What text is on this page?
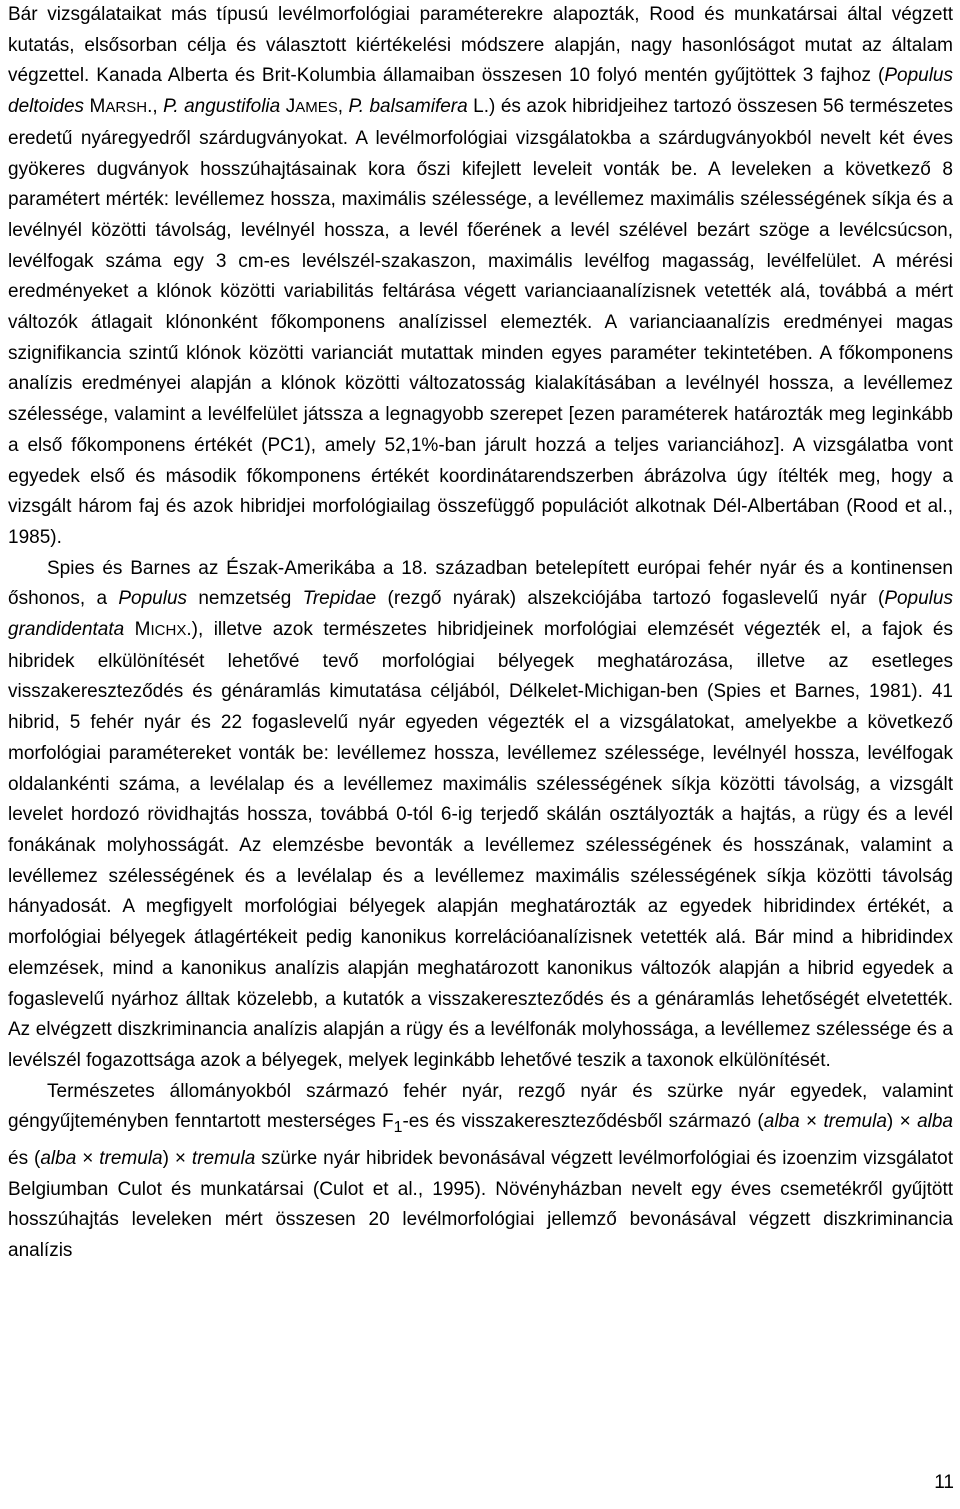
Bár vizsgálataikat más típusú levélmorfológiai paraméterekre alapozták, Rood és munkatársai által végzett kutatás, elsősorban célja és választott kiértékelési módszere alapján, nagy hasonlóságot mutat az általam végzettel. Kanada Alberta és Brit-Kolumbia államaiban összesen 10 folyó mentén gyűjtöttek 3 fajhoz (Populus deltoides MARSH., P. angustifolia JAMES, P. balsamifera L.) és azok hibridjeihez tartozó összesen 56 természetes eredetű nyáregyedről szárdugványokat. A levélmorfológiai vizsgálatokba a szárdugványokból nevelt két éves gyökeres dugványok hosszúhajtásainak kora őszi kifejlett leveleit vonták be. A leveleken a következő 8 paramétert mérték: levéllemez hossza, maximális szélessége, a levéllemez maximális szélességének síkja és a levélnyél közötti távolság, levélnyél hossza, a levél főerének a levél szélével bezárt szöge a levélcsúcson, levélfogak száma egy 3 cm-es levélszél-szakaszon, maximális levélfog magasság, levélfelület. A mérési eredményeket a klónok közötti variabilitás feltárása végett varianciaanalízisnek vetették alá, továbbá a mért változók átlagait klónonként főkomponens analízissel elemezték. A varianciaanalízis eredményei magas szignifikancia szintű klónok közötti varianciát mutattak minden egyes paraméter tekintetében. A főkomponens analízis eredményei alapján a klónok közötti változatosság kialakításában a levélnyél hossza, a levéllemez szélessége, valamint a levélfelület játssza a legnagyobb szerepet [ezen paraméterek határozták meg leginkább a első főkomponens értékét (PC1), amely 52,1%-ban járult hozzá a teljes varianciához]. A vizsgálatba vont egyedek első és második főkomponens értékét koordinátarendszerben ábrázolva úgy ítélték meg, hogy a vizsgált három faj és azok hibridjei morfológiailag összefüggő populációt alkotnak Dél-Albertában (Rood et al., 1985).

Spies és Barnes az Észak-Amerikába a 18. században betelepített európai fehér nyár és a kontinensen őshonos, a Populus nemzetség Trepidae (rezgő nyárak) alszekciójába tartozó fogaslevelű nyár (Populus grandidentata MICHX.), illetve azok természetes hibridjeinek morfológiai elemzését végezték el, a fajok és hibridek elkülönítését lehetővé tevő morfológiai bélyegek meghatározása, illetve az esetleges visszakereszteződés és génáramlás kimutatása céljából, Délkelet-Michigan-ben (Spies et Barnes, 1981). 41 hibrid, 5 fehér nyár és 22 fogaslevelű nyár egyeden végezték el a vizsgálatokat, amelyekbe a következő morfológiai paramétereket vonták be: levéllemez hossza, levéllemez szélessége, levélnyél hossza, levélfogak oldalankénti száma, a levélalap és a levéllemez maximális szélességének síkja közötti távolság, a vizsgált levelet hordozó rövidhajtás hossza, továbbá 0-tól 6-ig terjedő skálán osztályozták a hajtás, a rügy és a levél fonákának molyhosságát. Az elemzésbe bevonták a levéllemez szélességének és hosszának, valamint a levéllemez szélességének és a levélalap és a levéllemez maximális szélességének síkja közötti távolság hányadosát. A megfigyelt morfológiai bélyegek alapján meghatározták az egyedek hibridindex értékét, a morfológiai bélyegek átlagértékeit pedig kanonikus korrelációanalízisnek vetették alá. Bár mind a hibridindex elemzések, mind a kanonikus analízis alapján meghatározott kanonikus változók alapján a hibrid egyedek a fogaslevelű nyárhoz álltak közelebb, a kutatók a visszakereszteződés és a génáramlás lehetőségét elvetették. Az elvégzett diszkriminancia analízis alapján a rügy és a levélfonák molyhossága, a levéllemez szélessége és a levélszél fogazottsága azok a bélyegek, melyek leginkább lehetővé teszik a taxonok elkülönítését.

Természetes állományokból származó fehér nyár, rezgő nyár és szürke nyár egyedek, valamint géngyűjteményben fenntartott mesterséges $F_1-es$ és visszakereszteződésből származó (alba × tremula) × alba és (alba × tremula) × tremula szürke nyár hibridek bevonásával végzett levélmorfológiai és izoenzim vizsgálatot Belgiumban Culot és munkatársai (Culot et al., 1995). Növényházban nevelt egy éves csemetékről gyűjtött hosszúhajtás leveleken mért összesen 20 levélmorfológiai jellemző bevonásával végzett diszkriminancia analízis

11
